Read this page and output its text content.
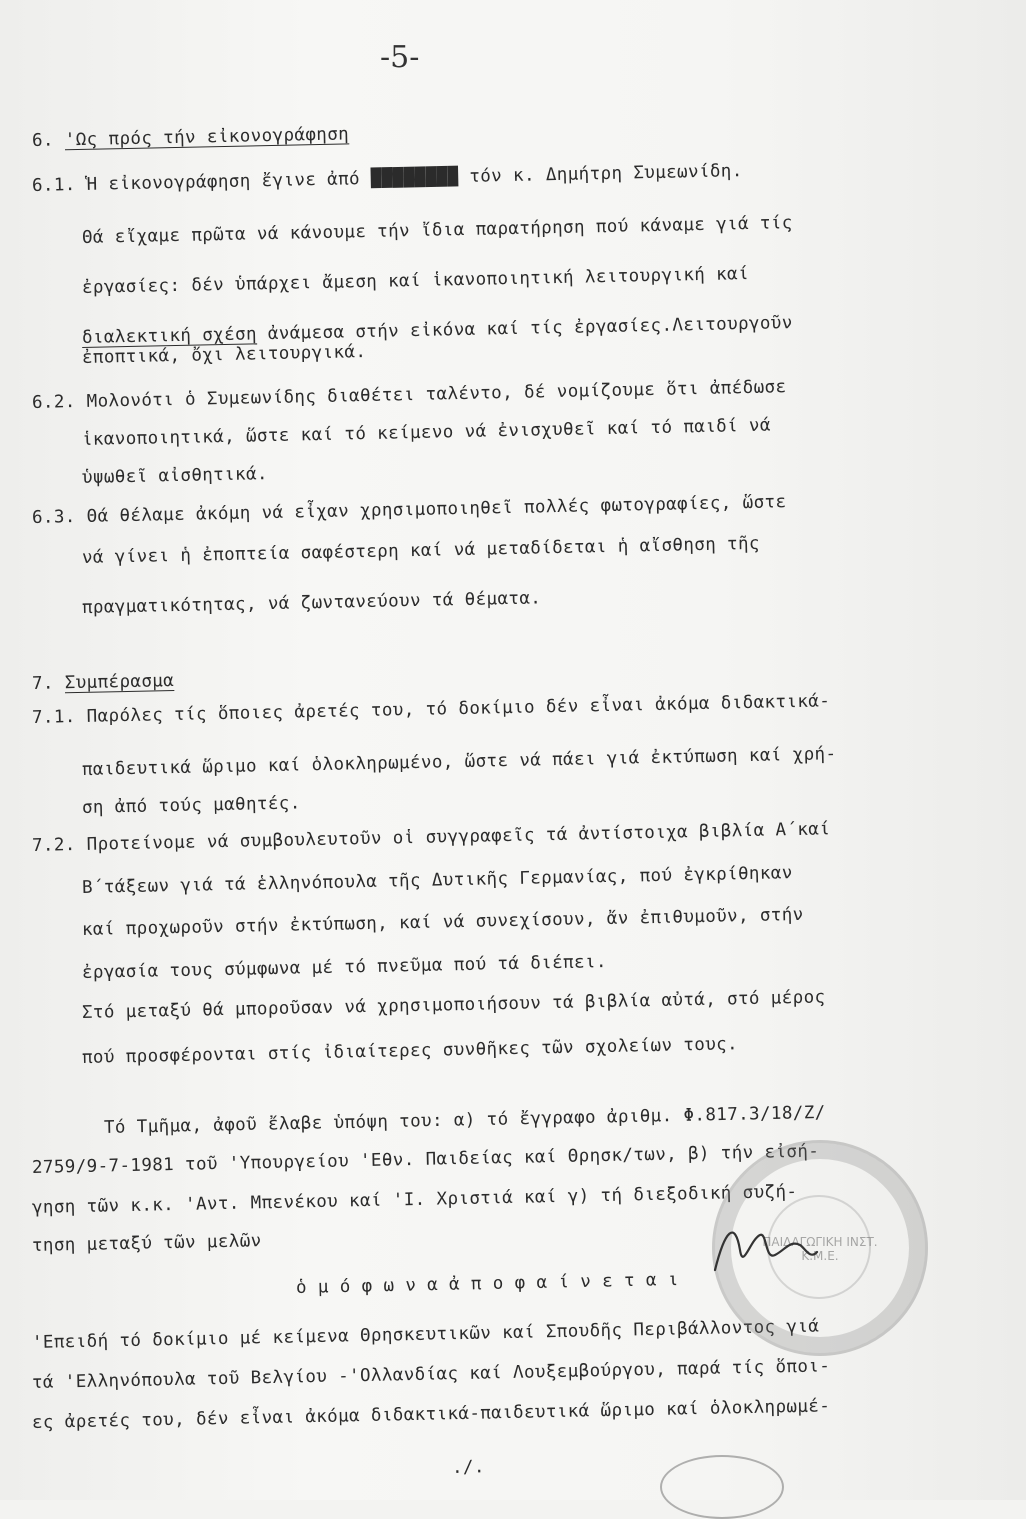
-5-
6. 'Ως πρός τήν εἰκονογράφηση
6.1. Ἡ εἰκονογράφηση ἔγινε ἀπό ████████ τόν κ. Δημήτρη Συμεωνίδη.
Θά εἴχαμε πρῶτα νά κάνουμε τήν ἴδια παρατήρηση πού κάναμε γιά τίς
ἐργασίες: δέν ὑπάρχει ἄμεση καί ἱκανοποιητική λειτουργική καί
διαλεκτική σχέση ἀνάμεσα στήν εἰκόνα καί τίς ἐργασίες.Λειτουργοῦν
ἐποπτικά, ὄχι λειτουργικά.
6.2. Μολονότι ὁ Συμεωνίδης διαθέτει ταλέντο, δέ νομίζουμε ὅτι ἀπέδωσε
ἱκανοποιητικά, ὥστε καί τό κείμενο νά ἐνισχυθεῖ καί τό παιδί νά
ὑψωθεῖ αἰσθητικά.
6.3. Θά θέλαμε ἀκόμη νά εἶχαν χρησιμοποιηθεῖ πολλές φωτογραφίες, ὥστε
νά γίνει ἡ ἐποπτεία σαφέστερη καί νά μεταδίδεται ἡ αἴσθηση τῆς
πραγματικότητας, νά ζωντανεύουν τά θέματα.
7. Συμπέρασμα
7.1. Παρόλες τίς ὅποιες ἀρετές του, τό δοκίμιο δέν εἶναι ἀκόμα διδακτικά-
παιδευτικά ὥριμο καί ὁλοκληρωμένο, ὥστε νά πάει γιά ἐκτύπωση καί χρή-
ση ἀπό τούς μαθητές.
7.2. Προτείνομε νά συμβουλευτοῦν οἱ συγγραφεῖς τά ἀντίστοιχα βιβλία Α΄καί
Β΄τάξεων γιά τά ἑλληνόπουλα τῆς Δυτικῆς Γερμανίας, πού ἐγκρίθηκαν
καί προχωροῦν στήν ἐκτύπωση, καί νά συνεχίσουν, ἄν ἐπιθυμοῦν, στήν
ἐργασία τους σύμφωνα μέ τό πνεῦμα πού τά διέπει.
Στό μεταξύ θά μποροῦσαν νά χρησιμοποιήσουν τά βιβλία αὐτά, στό μέρος
πού προσφέρονται στίς ἰδιαίτερες συνθῆκες τῶν σχολείων τους.
Τό Τμῆμα, ἀφοῦ ἔλαβε ὑπόψη του: α) τό ἔγγραφο ἀριθμ. Φ.817.3/18/Ζ/
2759/9-7-1981 τοῦ 'Υπουργείου 'Εθν. Παιδείας καί Θρησκ/των, β) τήν εἰσή-
γηση τῶν κ.κ. 'Αντ. Μπενέκου καί 'Ι. Χριστιά καί γ) τή διεξοδική συζή-
τηση μεταξύ τῶν μελῶν
ὁ μ ό φ ω ν α ἀ π ο φ α ί ν ε τ α ι
'Επειδή τό δοκίμιο μέ κείμενα Θρησκευτικῶν καί Σπουδῆς Περιβάλλοντος γιά
τά 'Ελληνόπουλα τοῦ Βελγίου -'Ολλανδίας καί Λουξεμβούργου, παρά τίς ὅποι-
ες ἀρετές του, δέν εἶναι ἀκόμα διδακτικά-παιδευτικά ὥριμο καί ὁλοκληρωμέ-
./.
ΠΑΙΔΑΓΩΓΙΚΗ ΙΝΣΤ. Κ.Μ.Ε.
